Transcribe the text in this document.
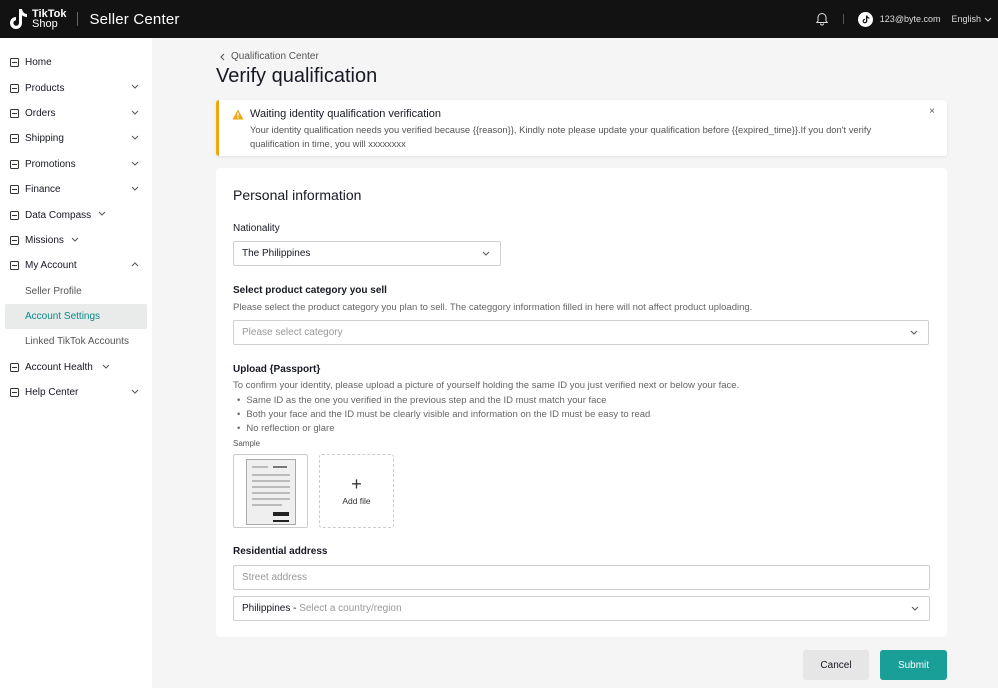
TikTok
Shop	Seller Center	123@byte.com English
Home
Products
Orders
Shipping
Promotions
Finance
Data Compass
Missions
My Account
Seller Profile
Account Settings
Linked TikTok Accounts
Account Health
Help Center
Qualification Center
Verify qualification
Waiting identity qualification verification
Your identity qualification needs you verified because {{reason}}, Kindly note please update your qualification before {{expired_time}}.If you don't verify qualification in time, you will xxxxxxxx
×
Personal information
Nationality
The Philippines
Select product category you sell
Please select the product category you plan to sell. The categgory information filled in here will not affect product uploading.
Please select category
Upload {Passport}
To confirm your identity, please upload a picture of yourself holding the same ID you just verified next or below your face.
• Same ID as the one you verified in the previous step and the ID must match your face
• Both your face and the ID must be clearly visible and information on the ID must be easy to read
• No reflection or glare
Sample
+
Add file
Residential address
Street address
Philippines - Select a country/region
Cancel	Submit
